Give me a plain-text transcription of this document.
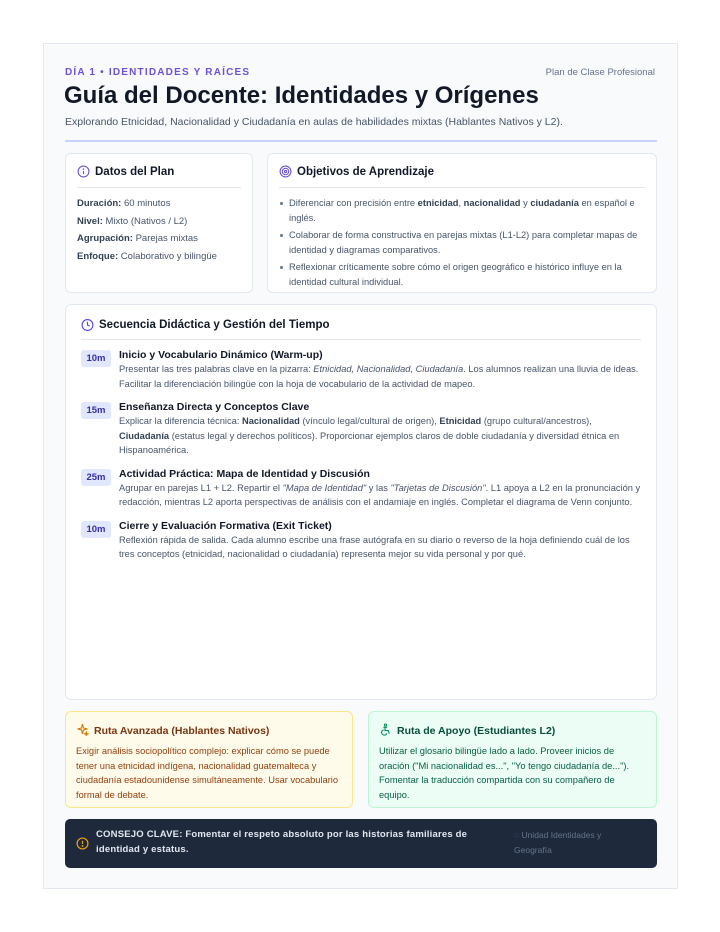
DÍA 1 • IDENTIDADES Y RAÍCES	Plan de Clase Profesional
Guía del Docente: Identidades y Orígenes
Explorando Etnicidad, Nacionalidad y Ciudadanía en aulas de habilidades mixtas (Hablantes Nativos y L2).
Datos del Plan
Duración: 60 minutos
Nivel: Mixto (Nativos / L2)
Agrupación: Parejas mixtas
Enfoque: Colaborativo y bilingüe
Objetivos de Aprendizaje
Diferenciar con precisión entre etnicidad, nacionalidad y ciudadanía en español e inglés.
Colaborar de forma constructiva en parejas mixtas (L1-L2) para completar mapas de identidad y diagramas comparativos.
Reflexionar críticamente sobre cómo el origen geográfico e histórico influye en la identidad cultural individual.
Secuencia Didáctica y Gestión del Tiempo
10m	Inicio y Vocabulario Dinámico (Warm-up)
Presentar las tres palabras clave en la pizarra: Etnicidad, Nacionalidad, Ciudadanía. Los alumnos realizan una lluvia de ideas. Facilitar la diferenciación bilingüe con la hoja de vocabulario de la actividad de mapeo.
15m	Enseñanza Directa y Conceptos Clave
Explicar la diferencia técnica: Nacionalidad (vínculo legal/cultural de origen), Etnicidad (grupo cultural/ancestros), Ciudadanía (estatus legal y derechos políticos). Proporcionar ejemplos claros de doble ciudadanía y diversidad étnica en Hispanoamérica.
25m	Actividad Práctica: Mapa de Identidad y Discusión
Agrupar en parejas L1 + L2. Repartir el "Mapa de Identidad" y las "Tarjetas de Discusión". L1 apoya a L2 en la pronunciación y redacción, mientras L2 aporta perspectivas de análisis con el andamiaje en inglés. Completar el diagrama de Venn conjunto.
10m	Cierre y Evaluación Formativa (Exit Ticket)
Reflexión rápida de salida. Cada alumno escribe una frase autógrafa en su diario o reverso de la hoja definiendo cuál de los tres conceptos (etnicidad, nacionalidad o ciudadanía) representa mejor su vida personal y por qué.
Ruta Avanzada (Hablantes Nativos)
Exigir análisis sociopolítico complejo: explicar cómo se puede tener una etnicidad indígena, nacionalidad guatemalteca y ciudadanía estadounidense simultáneamente. Usar vocabulario formal de debate.
Ruta de Apoyo (Estudiantes L2)
Utilizar el glosario bilingüe lado a lado. Proveer inicios de oración ("Mi nacionalidad es...", "Yo tengo ciudadanía de..."). Fomentar la traducción compartida con su compañero de equipo.
CONSEJO CLAVE: Fomentar el respeto absoluto por las historias familiares de identidad y estatus.
◌ Unidad Identidades y Geografía
